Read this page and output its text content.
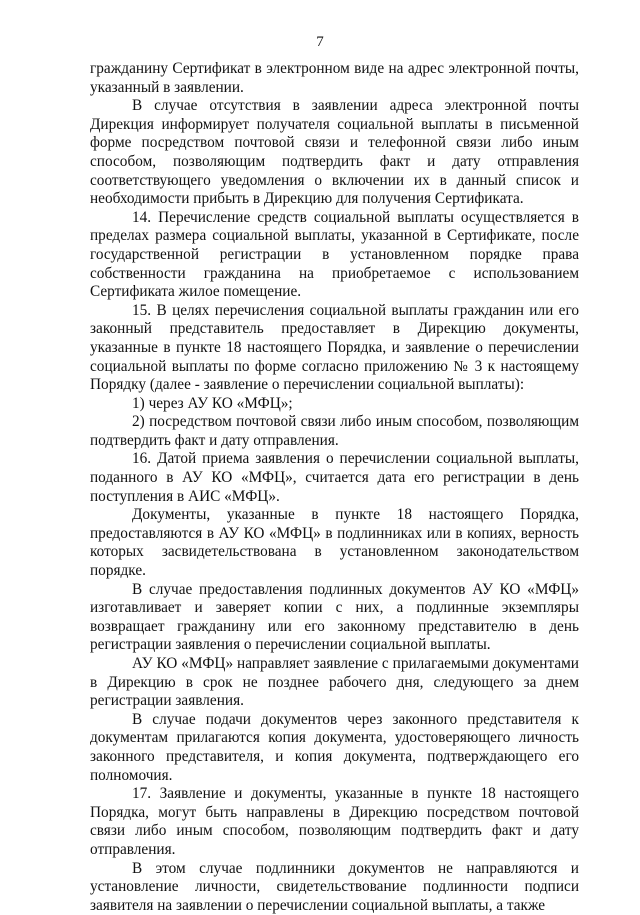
7

гражданину Сертификат в электронном виде на адрес электронной почты, указанный в заявлении.

В случае отсутствия в заявлении адреса электронной почты Дирекция информирует получателя социальной выплаты в письменной форме посредством почтовой связи и телефонной связи либо иным способом, позволяющим подтвердить факт и дату отправления соответствующего уведомления о включении их в данный список и необходимости прибыть в Дирекцию для получения Сертификата.

14. Перечисление средств социальной выплаты осуществляется в пределах размера социальной выплаты, указанной в Сертификате, после государственной регистрации в установленном порядке права собственности гражданина на приобретаемое с использованием Сертификата жилое помещение.

15. В целях перечисления социальной выплаты гражданин или его законный представитель предоставляет в Дирекцию документы, указанные в пункте 18 настоящего Порядка, и заявление о перечислении социальной выплаты по форме согласно приложению № 3 к настоящему Порядку (далее - заявление о перечислении социальной выплаты):

1) через АУ КО «МФЦ»;

2) посредством почтовой связи либо иным способом, позволяющим подтвердить факт и дату отправления.

16. Датой приема заявления о перечислении социальной выплаты, поданного в АУ КО «МФЦ», считается дата его регистрации в день поступления в АИС «МФЦ».

Документы, указанные в пункте 18 настоящего Порядка, предоставляются в АУ КО «МФЦ» в подлинниках или в копиях, верность которых засвидетельствована в установленном законодательством порядке.

В случае предоставления подлинных документов АУ КО «МФЦ» изготавливает и заверяет копии с них, а подлинные экземпляры возвращает гражданину или его законному представителю в день регистрации заявления о перечислении социальной выплаты.

АУ КО «МФЦ» направляет заявление с прилагаемыми документами в Дирекцию в срок не позднее рабочего дня, следующего за днем регистрации заявления.

В случае подачи документов через законного представителя к документам прилагаются копия документа, удостоверяющего личность законного представителя, и копия документа, подтверждающего его полномочия.

17. Заявление и документы, указанные в пункте 18 настоящего Порядка, могут быть направлены в Дирекцию посредством почтовой связи либо иным способом, позволяющим подтвердить факт и дату отправления.

В этом случае подлинники документов не направляются и установление личности, свидетельствование подлинности подписи заявителя на заявлении о перечислении социальной выплаты, а также
